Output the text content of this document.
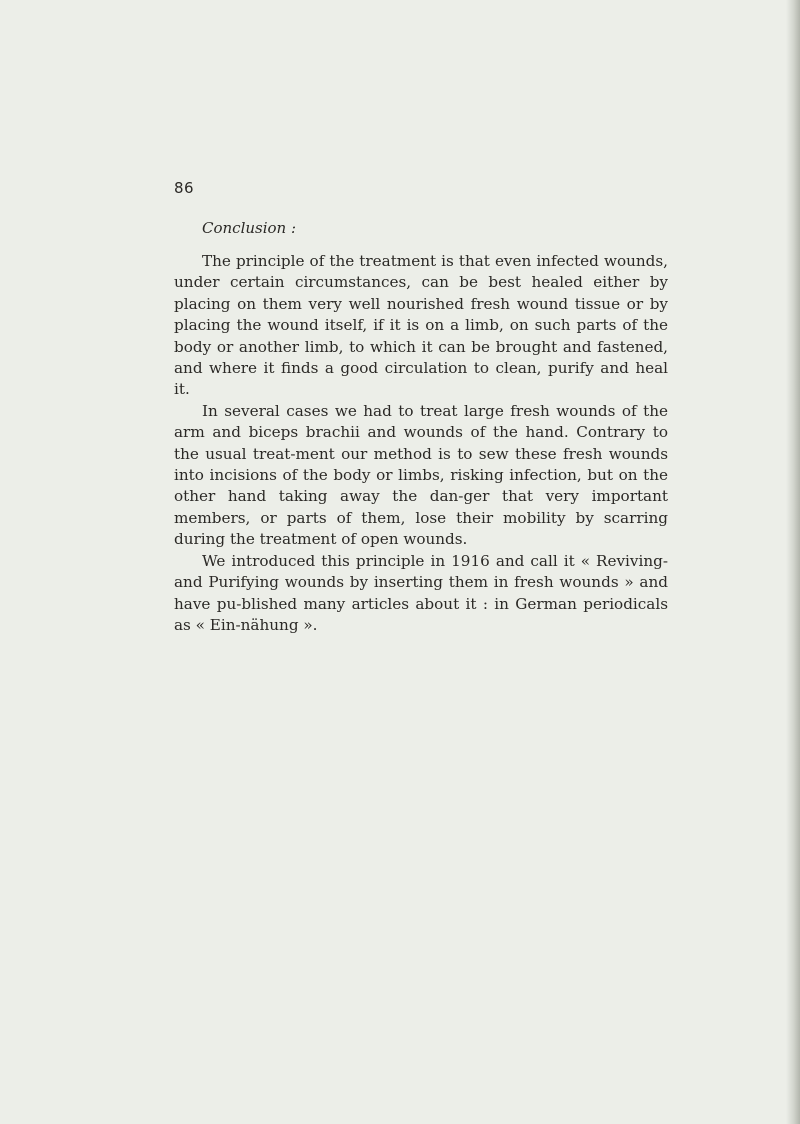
86
Conclusion :

The principle of the treatment is that even infected wounds, under certain circumstances, can be best healed either by placing on them very well nourished fresh wound tissue or by placing the wound itself, if it is on a limb, on such parts of the body or another limb, to which it can be brought and fastened, and where it finds a good circulation to clean, purify and heal it.

In several cases we had to treat large fresh wounds of the arm and biceps brachii and wounds of the hand. Contrary to the usual treat-ment our method is to sew these fresh wounds into incisions of the body or limbs, risking infection, but on the other hand taking away the dan-ger that very important members, or parts of them, lose their mobility by scarring during the treatment of open wounds.

We introduced this principle in 1916 and call it « Reviving- and Purifying wounds by inserting them in fresh wounds » and have pu-blished many articles about it : in German periodicals as « Ein-nähung ».
